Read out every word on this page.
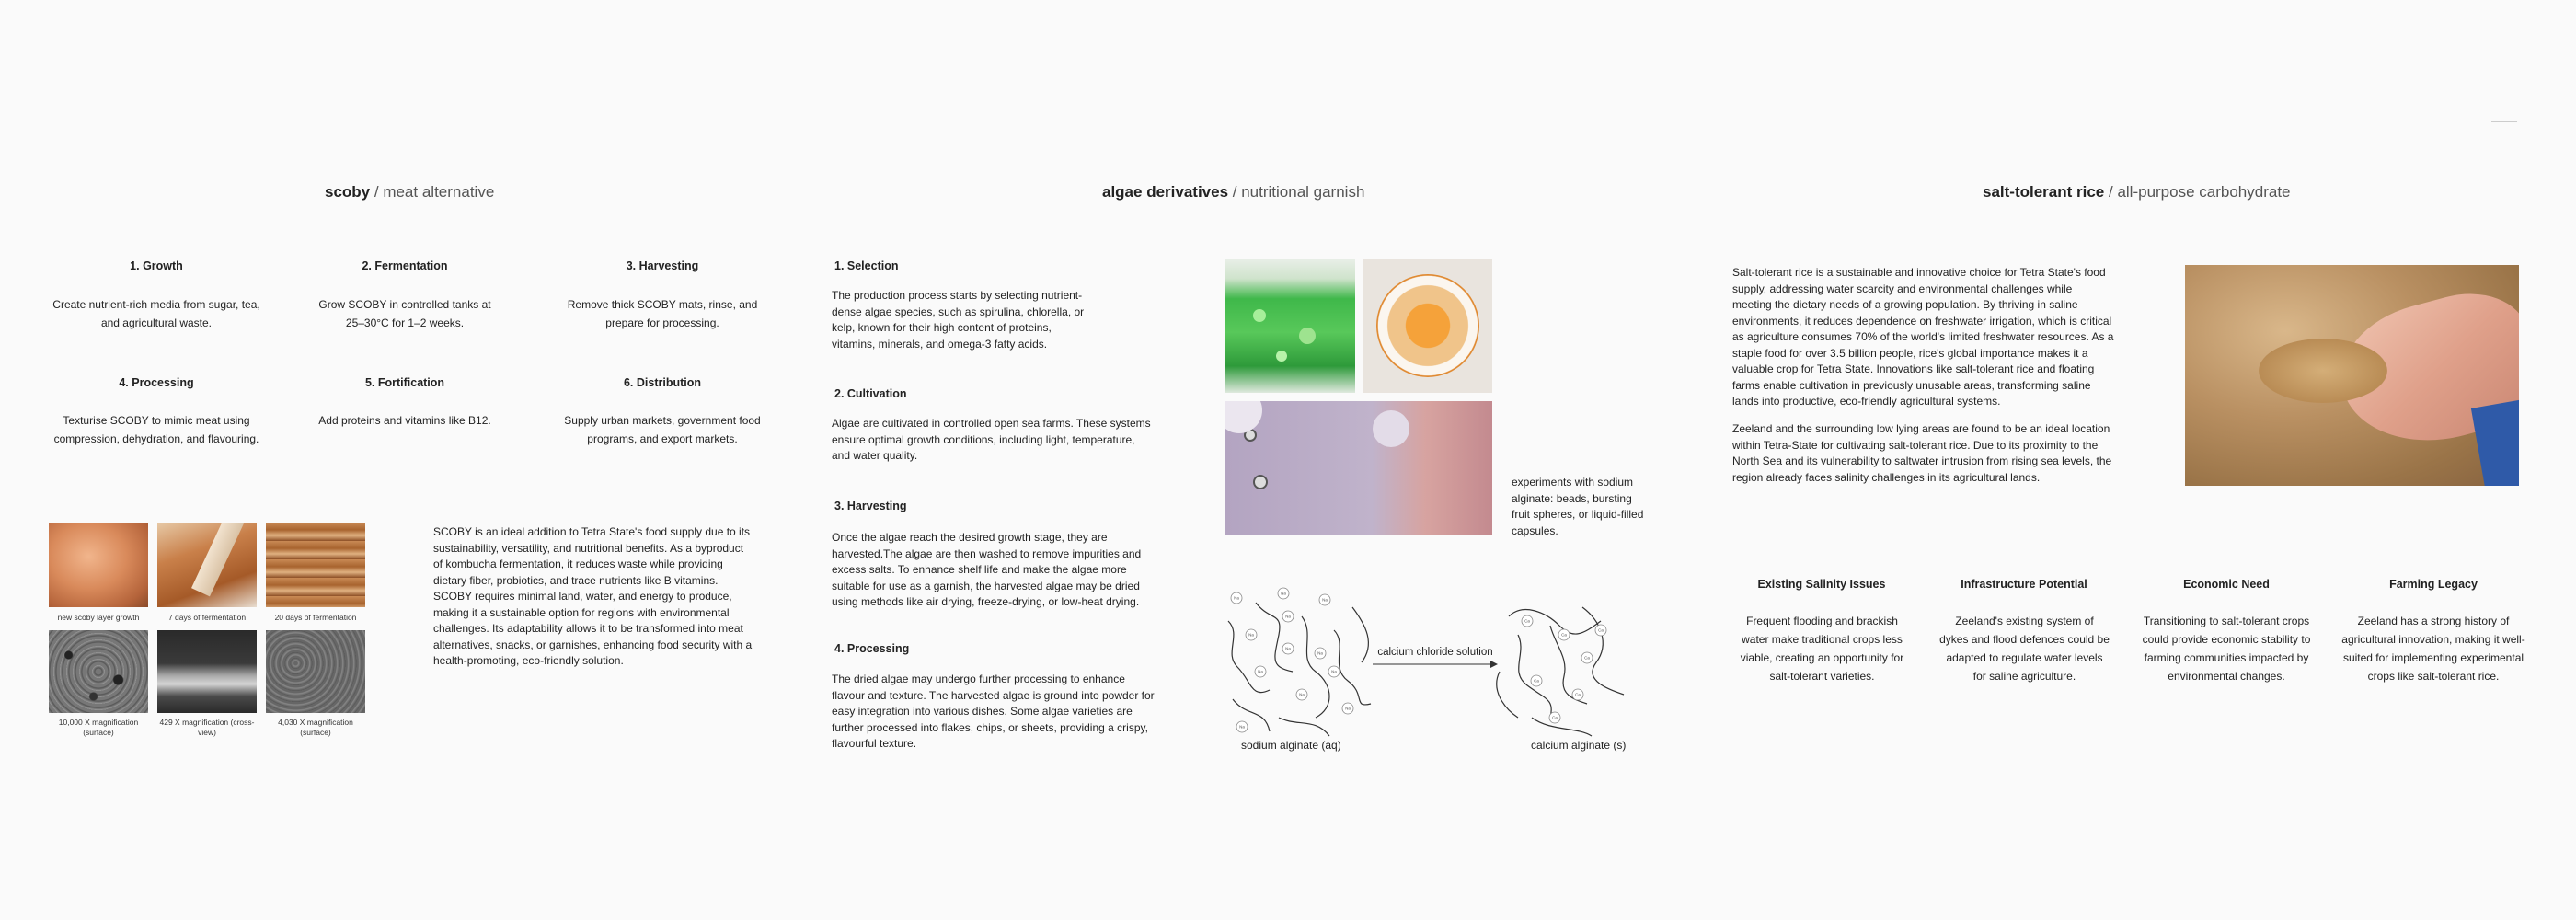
scoby / meat alternative
1. Growth
Create nutrient-rich media from sugar, tea, and agricultural waste.
2. Fermentation
Grow SCOBY in controlled tanks at 25–30°C for 1–2 weeks.
3. Harvesting
Remove thick SCOBY mats, rinse, and prepare for processing.
4. Processing
Texturise SCOBY to mimic meat using compression, dehydration, and flavouring.
5. Fortification
Add proteins and vitamins like B12.
6. Distribution
Supply urban markets, government food programs, and export markets.
new scoby layer growth	7 days of fermentation	20 days of fermentation
10,000 X magnification (surface)
429 X magnification (cross-view)
4,030 X magnification (surface)
SCOBY is an ideal addition to Tetra State's food supply due to its sustainability, versatility, and nutritional benefits. As a byproduct of kombucha fermentation, it reduces waste while providing dietary fiber, probiotics, and trace nutrients like B vitamins. SCOBY requires minimal land, water, and energy to produce, making it a sustainable option for regions with environmental challenges. Its adaptability allows it to be transformed into meat alternatives, snacks, or garnishes, enhancing food security with a health-promoting, eco-friendly solution.
algae derivatives / nutritional garnish
1. Selection
The production process starts by selecting nutrient-dense algae species, such as spirulina, chlorella, or kelp, known for their high content of proteins, vitamins, minerals, and omega-3 fatty acids.
2. Cultivation
Algae are cultivated in controlled open sea farms. These systems ensure optimal growth conditions, including light, temperature, and water quality.
3. Harvesting
Once the algae reach the desired growth stage, they are harvested.The algae are then washed to remove impurities and excess salts. To enhance shelf life and make the algae more suitable for use as a garnish, the harvested algae may be dried using methods like air drying, freeze-drying, or low-heat drying.
4. Processing
The dried algae may undergo further processing to enhance flavour and texture. The harvested algae is ground into powder for easy integration into various dishes. Some algae varieties are further processed into flakes, chips, or sheets, providing a crispy, flavourful texture.
experiments with sodium alginate: beads, bursting fruit spheres, or liquid-filled capsules.
Na
Na
Na
Na
Na
Na
Na
Na
Na
Na
Na
Na
calcium chloride solution
Ca
Ca
Ca
Ca
Ca
Ca
Ca
sodium alginate (aq)	calcium alginate (s)
salt-tolerant rice / all-purpose carbohydrate
Salt-tolerant rice is a sustainable and innovative choice for Tetra State's food supply, addressing water scarcity and environmental challenges while meeting the dietary needs of a growing population. By thriving in saline environments, it reduces dependence on freshwater irrigation, which is critical as agriculture consumes 70% of the world's limited freshwater resources. As a staple food for over 3.5 billion people, rice's global importance makes it a valuable crop for Tetra State. Innovations like salt-tolerant rice and floating farms enable cultivation in previously unusable areas, transforming saline lands into productive, eco-friendly agricultural systems.
Zeeland and the surrounding low lying areas are found to be an ideal location within Tetra-State for cultivating salt-tolerant rice. Due to its proximity to the North Sea and its vulnerability to saltwater intrusion from rising sea levels, the region already faces salinity challenges in its agricultural lands.
Existing Salinity Issues
Frequent flooding and brackish water make traditional crops less viable, creating an opportunity for salt-tolerant varieties.
Infrastructure Potential
Zeeland's existing system of dykes and flood defences could be adapted to regulate water levels for saline agriculture.
Economic Need
Transitioning to salt-tolerant crops could provide economic stability to farming communities impacted by environmental changes.
Farming Legacy
Zeeland has a strong history of agricultural innovation, making it well-suited for implementing experimental crops like salt-tolerant rice.
